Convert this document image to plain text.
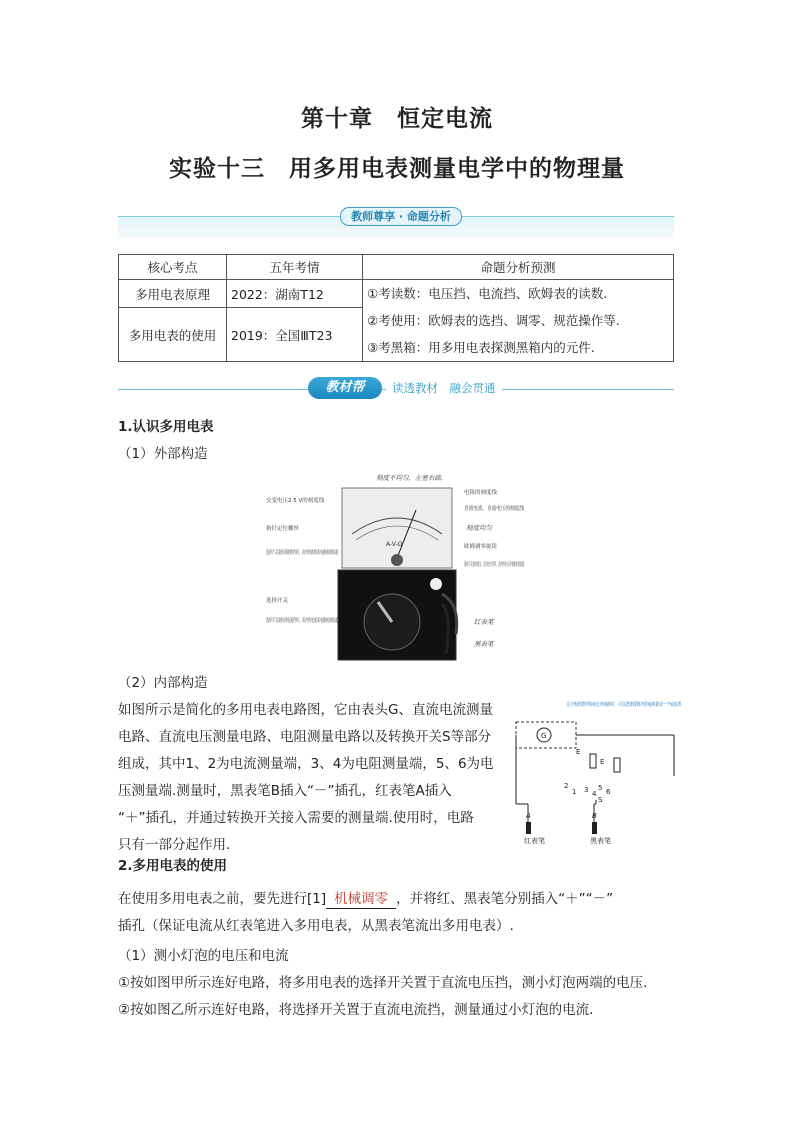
第十章　恒定电流
实验十三　用多用电表测量电学中的物理量
教师尊享 · 命题分析
核心考点	五年考情	命题分析预测
多用电表原理	2022：湖南T12	①考读数：电压挡、电流挡、欧姆表的读数.
②考使用：欧姆表的选挡、调零、规范操作等.
③考黑箱：用多用电表探测黑箱内的元件.

多用电表的使用	2019：全国ⅢT23	
教材帮	读透教材　融会贯通
1.认识多用电表
（1）外部构造
刻度不均匀，左密右疏.
A-V-Ω
交变电压2.5 V的刻度线
指针定位螺丝
选择开关旋转到欧姆挡时，表内的欧姆表电路就被接通
选择开关
选择开关旋转到电流挡时，表内的电流表电路就被接通
电阻的刻度线
直流电流、直流电压的刻度线
刻度均匀
欧姆调零旋钮
选择开关旋转到交、直流电压挡时，表内的电压表电路就被接通
红表笔
黑表笔
（2）内部构造
如图所示是简化的多用电表电路图，它由表头G、直流电流测量
电路、直流电压测量电路、电阻测量电路以及转换开关S等部分
组成，其中1、2为电流测量端，3、4为电阻测量端，5、6为电
压测量端.测量时，黑表笔B插入“－”插孔，红表笔A插入
“＋”插孔，并通过转换开关接入需要的测量端.使用时，电路
只有一部分起作用.
在分析欧姆挡和电压挡电路时，可以把虚线框内的电路看成一个电流表.
G
E
E
1
2 3 4
5 6
S
A	B
红表笔	黑表笔
2.多用电表的使用
在使用多用电表之前，要先进行[1] 机械调零 ，并将红、黑表笔分别插入“＋”“－”
插孔（保证电流从红表笔进入多用电表，从黑表笔流出多用电表）.
（1）测小灯泡的电压和电流
①按如图甲所示连好电路，将多用电表的选择开关置于直流电压挡，测小灯泡两端的电压.
②按如图乙所示连好电路，将选择开关置于直流电流挡，测量通过小灯泡的电流.
